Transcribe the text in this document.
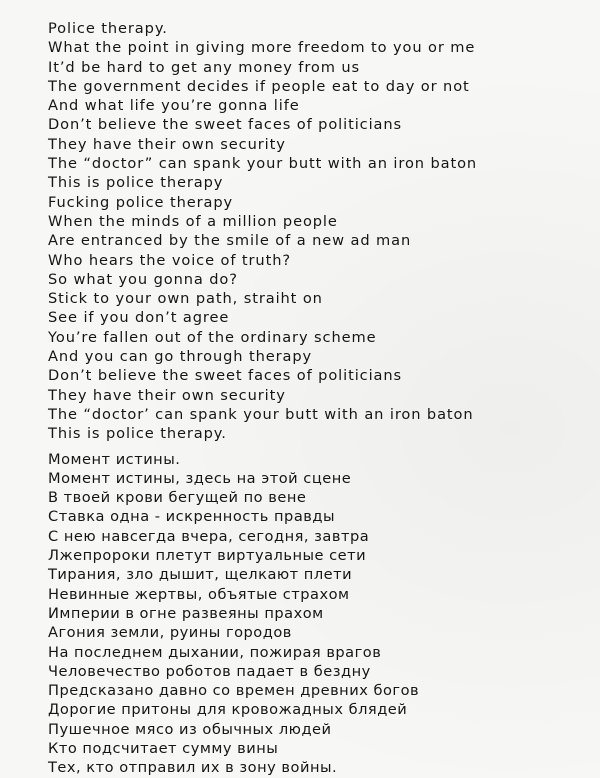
Police therapy.
What the point in giving more freedom to you or me
It’d be hard to get any money from us
The government decides if people eat to day or not
And what life you’re gonna life
Don’t believe the sweet faces of politicians
They have their own security
The “doctor” can spank your butt with an iron baton
This is police therapy
Fucking police therapy
When the minds of a million people
Are entranced by the smile of a new ad man
Who hears the voice of truth?
So what you gonna do?
Stick to your own path, straiht on
See if you don’t agree
You’re fallen out of the ordinary scheme
And you can go through therapy
Don’t believe the sweet faces of politicians
They have their own security
The “doctor’ can spank your butt with an iron baton
This is police therapy.
Момент истины.
Момент истины, здесь на этой сцене
В твоей крови бегущей по вене
Ставка одна - искренность правды
С нею навсегда вчера, сегодня, завтра
Лжепророки плетут виртуальные сети
Тирания, зло дышит, щелкают плети
Невинные жертвы, объятые страхом
Империи в огне развеяны прахом
Агония земли, руины городов
На последнем дыхании, пожирая врагов
Человечество роботов падает в бездну
Предсказано давно со времен древних богов
Дорогие притоны для кровожадных блядей
Пушечное мясо из обычных людей
Кто подсчитает сумму вины
Тех, кто отправил их в зону войны.
